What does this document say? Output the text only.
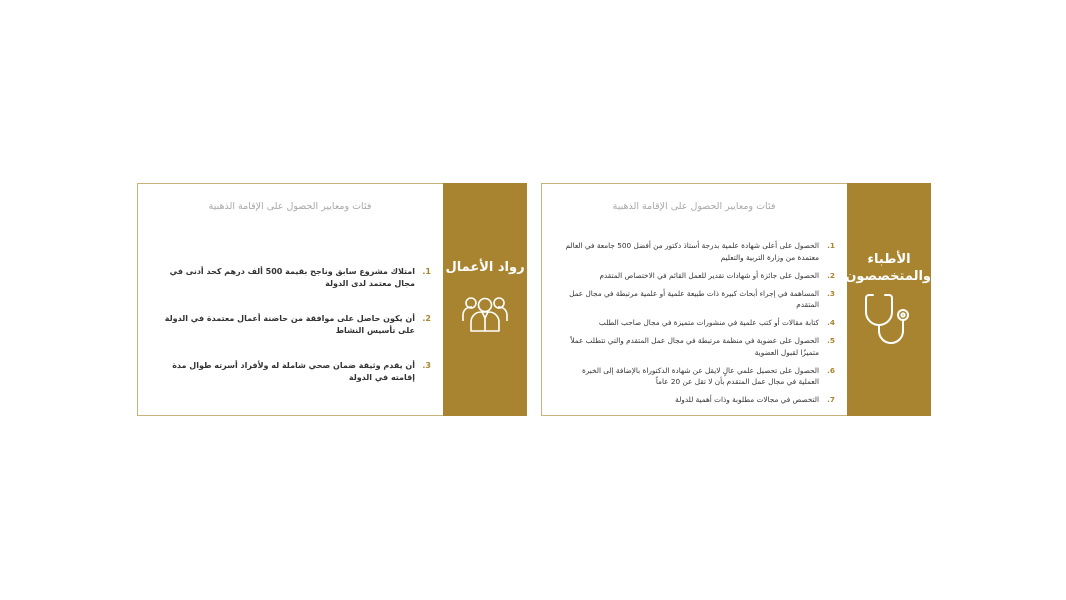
فئات ومعايير الحصول على الإقامة الذهبية
1.
امتلاك مشروع سابق وناجح بقيمة 500 ألف درهم كحد أدنى في مجال معتمد لدى الدولة
2.
أن يكون حاصل على موافقة من حاضنة أعمال معتمدة في الدولة على تأسيس النشاط
3.
أن يقدم وثيقة ضمان صحي شاملة له ولأفراد أسرته طوال مدة إقامته في الدولة
رواد الأعمال
فئات ومعايير الحصول على الإقامة الذهبية
1.
الحصول على أعلى شهادة علمية بدرجة أستاذ دكتور من أفضل 500 جامعة في العالم معتمدة من وزارة التربية والتعليم
2.
الحصول على جائزة أو شهادات تقدير للعمل القائم في الاختصاص المتقدم
3.
المساهمة في إجراء أبحاث كبيرة ذات طبيعة علمية أو علمية مرتبطة في مجال عمل المتقدم
4.
كتابة مقالات أو كتب علمية في منشورات متميزة في مجال صاحب الطلب
5.
الحصول على عضوية في منظمة مرتبطة في مجال عمل المتقدم والتي تتطلب عملاً متميزًا لقبول العضوية
6.
الحصول على تحصيل علمي عالٍ لايقل عن شهادة الدكتوراة بالإضافة إلى الخبرة العملية في مجال عمل المتقدم بأن لا تقل عن 20 عاماً
7.
التخصص في مجالات مطلوبة وذات أهمية للدولة
الأطباء
والمتخصصون
